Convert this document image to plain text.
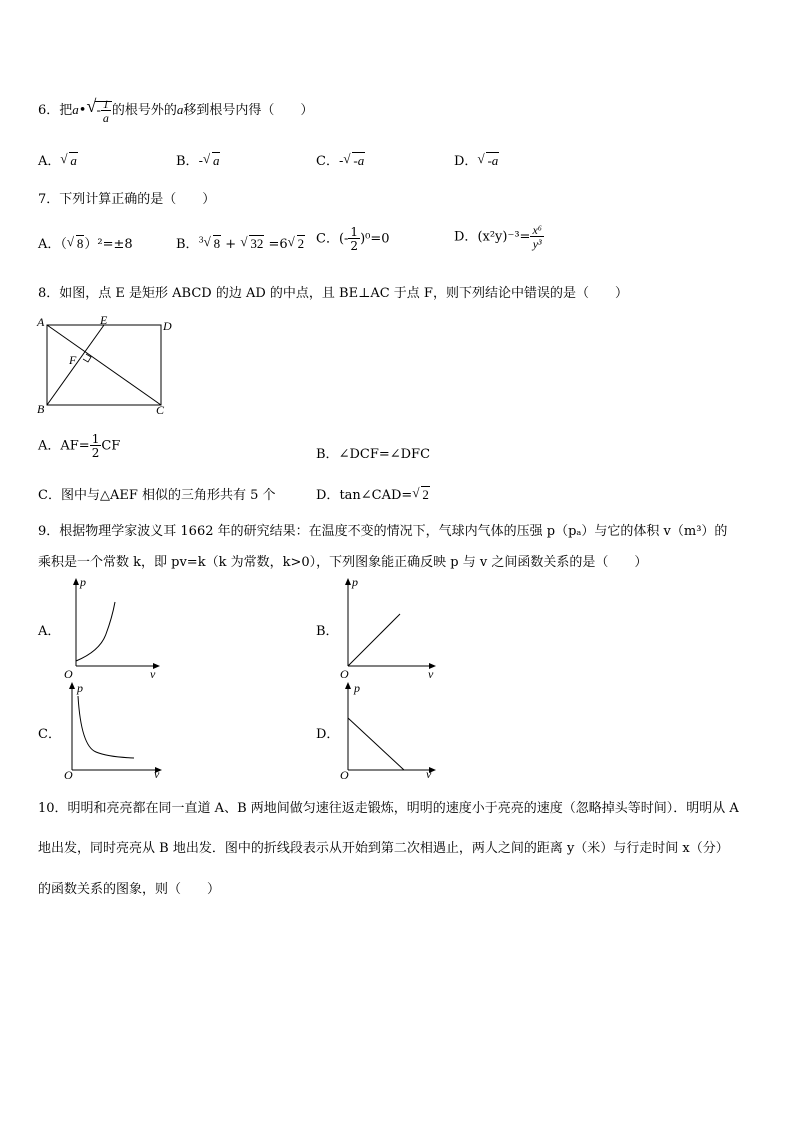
6．把a• √ - $\frac{1}{a}$ 的根号外的a移到根号内得（　　）
A． √ a	B．- √ a	C．- √ -a	D． √ -a
7．下列计算正确的是（　　）
A．（ √ 8）²=±8	B．$^3$ √ 8 + √ 32 =6 √ 2 C．(- $\frac{1}{2} )^0=0$	D．$(x^2y)^{-3}= \frac{\text{x⁶}}{\text{y³}}$
8．如图，点 E 是矩形 ABCD 的边 AD 的中点，且 BE⊥AC 于点 F，则下列结论中错误的是（　　）
A	E	D
F
B	C
A．$AF= \frac{1}{2}$ CF
B．∠DCF=∠DFC
C．图中与△AEF 相似的三角形共有 5 个	D．tan∠CAD= √ 2
9．根据物理学家波义耳 1662 年的研究结果：在温度不变的情况下，气球内气体的压强 p（pₐ）与它的体积 v（m³）的
乘积是一个常数 k，即 pv=k（k 为常数，k>0），下列图象能正确反映 p 与 v 之间函数关系的是（　　）
A．
p
v
O
B．
p
v
O
C．
p
v
O
D．
p
v
O
10．明明和亮亮都在同一直道 A、B 两地间做匀速往返走锻炼，明明的速度小于亮亮的速度（忽略掉头等时间）．明明从 A
地出发，同时亮亮从 B 地出发．图中的折线段表示从开始到第二次相遇止，两人之间的距离 y（米）与行走时间 x（分）
的函数关系的图象，则（　　）
